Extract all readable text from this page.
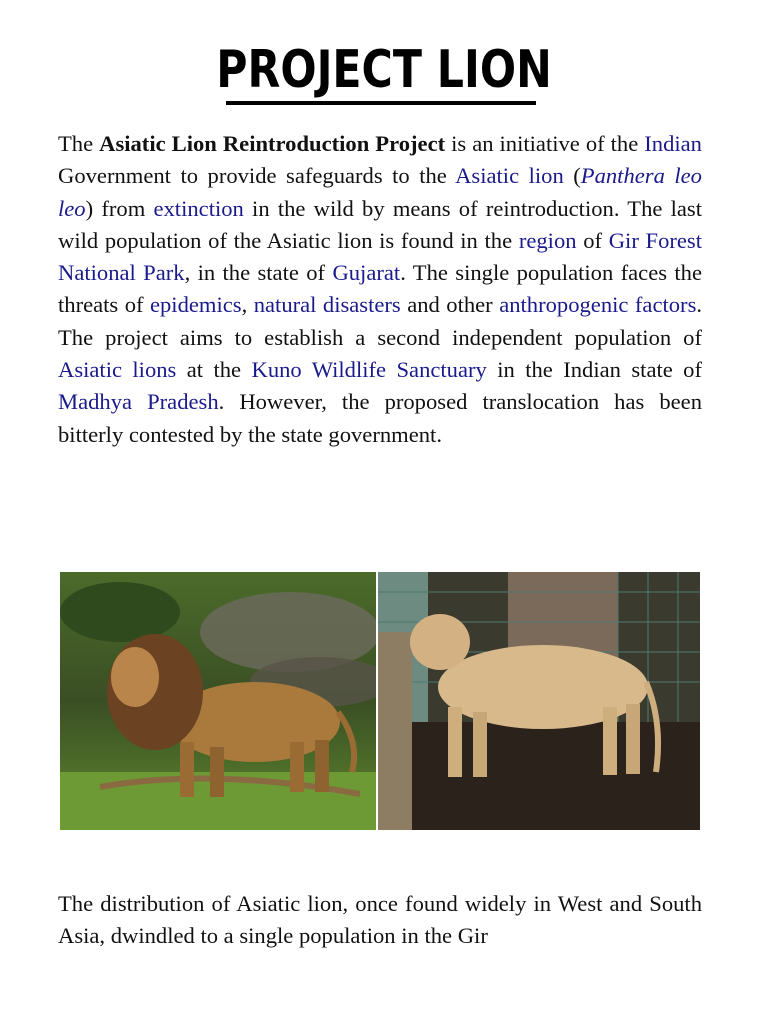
PROJECT LION

The Asiatic Lion Reintroduction Project is an initiative of the Indian Government to provide safeguards to the Asiatic lion (Panthera leo leo) from extinction in the wild by means of reintroduction. The last wild population of the Asiatic lion is found in the region of Gir Forest National Park, in the state of Gujarat. The single population faces the threats of epidemics, natural disasters and other anthropogenic factors. The project aims to establish a second independent population of Asiatic lions at the Kuno Wildlife Sanctuary in the Indian state of Madhya Pradesh. However, the proposed translocation has been bitterly contested by the state government.

The distribution of Asiatic lion, once found widely in West and South Asia, dwindled to a single population in the Gir
